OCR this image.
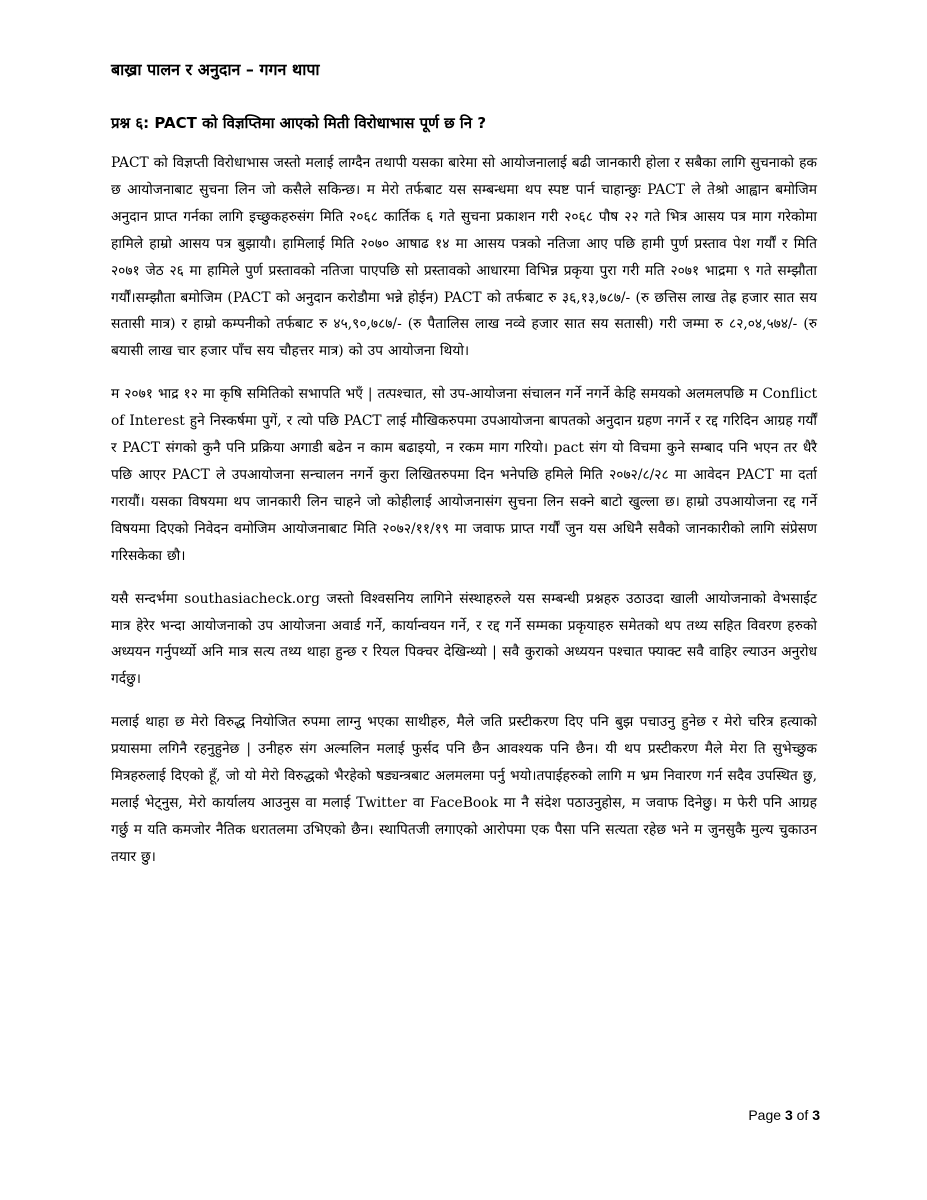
बाख्रा पालन र अनुदान – गगन थापा
प्रश्न ६: PACT को विज्ञप्तिमा आएको मिती विरोधाभास पूर्ण छ नि ?

PACT को विज्ञप्ती विरोधाभास जस्तो मलाई लाग्दैन तथापी यसका बारेमा सो आयोजनालाई बढी जानकारी होला र सबैका लागि सुचनाको हक छ आयोजनाबाट सुचना लिन जो कसैले सकिन्छ। म मेरो तर्फबाट यस सम्बन्धमा थप स्पष्ट पार्न चाहान्छुः PACT ले तेश्रो आह्वान बमोजिम अनुदान प्राप्त गर्नका लागि इच्छुकहरुसंग मिति २०६८ कार्तिक ६ गते सुचना प्रकाशन गरी २०६८ पौष २२ गते भित्र आसय पत्र माग गरेकोमा हामिले हाम्रो आसय पत्र बुझायौ। हामिलाई मिति २०७० आषाढ १४ मा आसय पत्रको नतिजा आए पछि हामी पुर्ण प्रस्ताव पेश गर्यौं र मिति २०७१ जेठ २६ मा हामिले पुर्ण प्रस्तावको नतिजा पाएपछि सो प्रस्तावको आधारमा विभिन्न प्रकृया पुरा गरी मति २०७१ भाद्रमा ९ गते सम्झौता गर्यौं।सम्झौता बमोजिम (PACT को अनुदान करोडौमा भन्ने होईन) PACT को तर्फबाट रु ३६,१३,७८७/- (रु छत्तिस लाख तेह्र हजार सात सय सतासी मात्र) र हाम्रो कम्पनीको तर्फबाट रु ४५,९०,७८७/- (रु पैतालिस लाख नव्वे हजार सात सय सतासी) गरी जम्मा रु ८२,०४,५७४/- (रु बयासी लाख चार हजार पाँच सय चौहत्तर मात्र) को उप आयोजना थियो।

म २०७१ भाद्र १२ मा कृषि समितिको सभापति भएँ | तत्पश्चात, सो उप-आयोजना संचालन गर्ने नगर्ने केहि समयको अलमलपछि म Conflict of Interest हुने निस्कर्षमा पुगें, र त्यो पछि PACT लाई मौखिकरुपमा उपआयोजना बापतको अनुदान ग्रहण नगर्ने र रद्द गरिदिन आग्रह गर्यौं र PACT संगको कुनै पनि प्रक्रिया अगाडी बढेन न काम बढाइयो, न रकम माग गरियो। pact संग यो विचमा कुने सम्बाद पनि भएन तर धैरै पछि आएर PACT ले उपआयोजना सन्चालन नगर्ने कुरा लिखितरुपमा दिन भनेपछि हमिले मिति २०७२/८/२८ मा आवेदन PACT मा दर्ता गरायौं। यसका विषयमा थप जानकारी लिन चाहने जो कोहीलाई आयोजनासंग सुचना लिन सक्ने बाटो खुल्ला छ। हाम्रो उपआयोजना रद्द गर्ने विषयमा दिएको निवेदन वमोजिम आयोजनाबाट मिति २०७२/११/१९ मा जवाफ प्राप्त गर्यौं जुन यस अधिनै सवैको जानकारीको लागि संप्रेसण गरिसकेका छौ।

यसै सन्दर्भमा southasiacheck.org जस्तो विश्वसनिय लागिने संस्थाहरुले यस सम्बन्धी प्रश्नहरु उठाउदा खाली आयोजनाको वेभसाईट मात्र हेरेर भन्दा आयोजनाको उप आयोजना अवार्ड गर्ने, कार्यान्वयन गर्ने, र रद्द गर्ने सम्मका प्रकृयाहरु समेतको थप तथ्य सहित विवरण हरुको अध्ययन गर्नुपर्थ्यो अनि मात्र सत्य तथ्य थाहा हुन्छ र रियल पिक्चर देखिन्थ्यो | सवै कुराको अध्ययन पश्चात फ्याक्ट सवै वाहिर ल्याउन अनुरोध गर्दछु।

मलाई थाहा छ मेरो विरुद्ध नियोजित रुपमा लाग्नु भएका साथीहरु, मैले जति प्रस्टीकरण दिए पनि बुझ पचाउनु हुनेछ र मेरो चरित्र हत्याको प्रयासमा लगिनै रहनुहुनेछ | उनीहरु संग अल्मलिन मलाई फुर्सद पनि छैन आवश्यक पनि छैन। यी थप प्रस्टीकरण मैले मेरा ति सुभेच्छुक मित्रहरुलाई दिएको हूँ, जो यो मेरो विरुद्धको भैरहेको षड्यन्त्रबाट अलमलमा पर्नु भयो।तपाईहरुको लागि म भ्रम निवारण गर्न सदैव उपस्थित छु, मलाई भेट्नुस, मेरो कार्यालय आउनुस वा मलाई Twitter वा FaceBook मा नै संदेश पठाउनुहोस, म जवाफ दिनेछु। म फेरी पनि आग्रह गर्छु म यति कमजोर नैतिक धरातलमा उभिएको छैन। स्थापितजी लगाएको आरोपमा एक पैसा पनि सत्यता रहेछ भने म जुनसुकै मुल्य चुकाउन तयार छु।

Page 3 of 3
